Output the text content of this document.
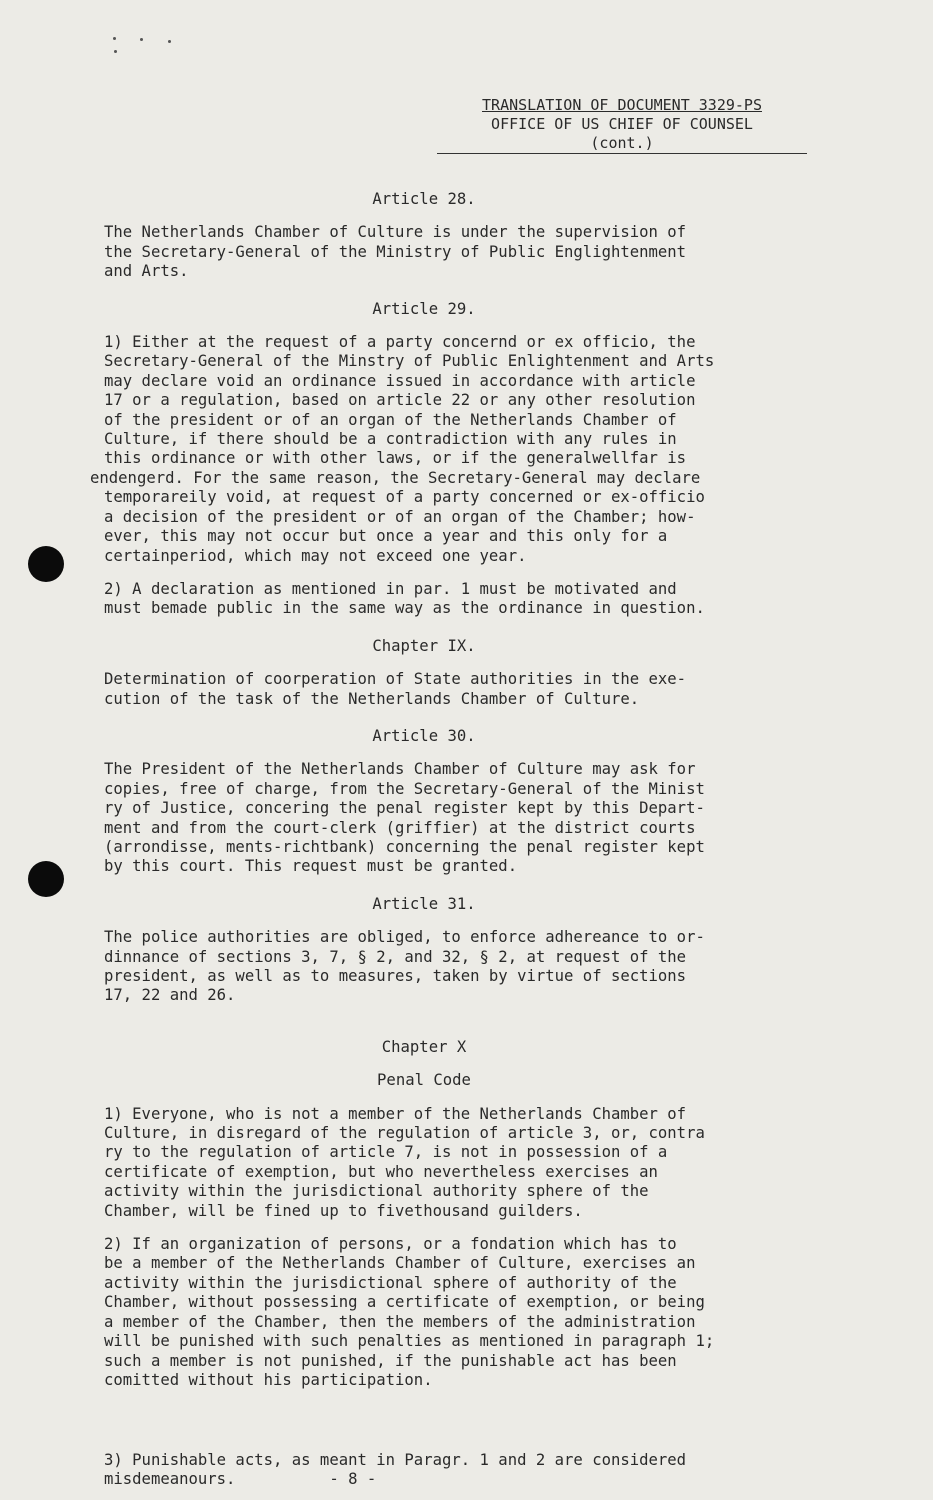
TRANSLATION OF DOCUMENT 3329-PS
OFFICE OF US CHIEF OF COUNSEL
(cont.)

Article 28.

The Netherlands Chamber of Culture is under the supervision of

the Secretary-General of the Ministry of Public Englightenment

and Arts.

Article 29.

1) Either at the request of a party concernd or ex officio, the

Secretary-General of the Minstry of Public Enlightenment and Arts

may declare void an ordinance issued in accordance with article

17 or a regulation, based on article 22 or any other resolution

of the president or of an organ of the Netherlands Chamber of

Culture, if there should be a contradiction with any rules in

this ordinance or with other laws, or if the generalwellfar is

endengerd. For the same reason, the Secretary-General may declare

temporareily void, at request of a party concerned or ex-officio

a decision of the president or of an organ of the Chamber; how-

ever, this may not occur but once a year and this only for a

certainperiod, which may not exceed one year.

2) A declaration as mentioned in par. 1 must be motivated and

must bemade public in the same way as the ordinance in question.

Chapter IX.

Determination of coorperation of State authorities in the exe-

cution of the task of the Netherlands Chamber of Culture.

Article 30.

The President of the Netherlands Chamber of Culture may ask for

copies, free of charge, from the Secretary-General of the Minist

ry of Justice, concering the penal register kept by this Depart-

ment and from the court-clerk (griffier) at the district courts

(arrondisse, ments-richtbank) concerning the penal register kept

by this court. This request must be granted.

Article 31.

The police authorities are obliged, to enforce adhereance to or-

dinnance of sections 3, 7, § 2, and 32, § 2, at request of the

president, as well as to measures, taken by virtue of sections

17, 22 and 26.

Chapter X

Penal Code

1) Everyone, who is not a member of the Netherlands Chamber of

Culture, in disregard of the regulation of article 3, or, contra

ry to the regulation of article 7, is not in possession of a

certificate of exemption, but who nevertheless exercises an

activity within the jurisdictional authority sphere of the

Chamber, will be fined up to fivethousand guilders.

2) If an organization of persons, or a fondation which has to

be a member of the Netherlands Chamber of Culture, exercises an

activity within the jurisdictional sphere of authority of the

Chamber, without possessing a certificate of exemption, or being

a member of the Chamber, then the members of the administration

will be punished with such penalties as mentioned in paragraph 1;

such a member is not punished, if the punishable act has been

comitted without his participation.

3) Punishable acts, as meant in Paragr. 1 and 2 are considered
misdemeanours.	- 8 -
